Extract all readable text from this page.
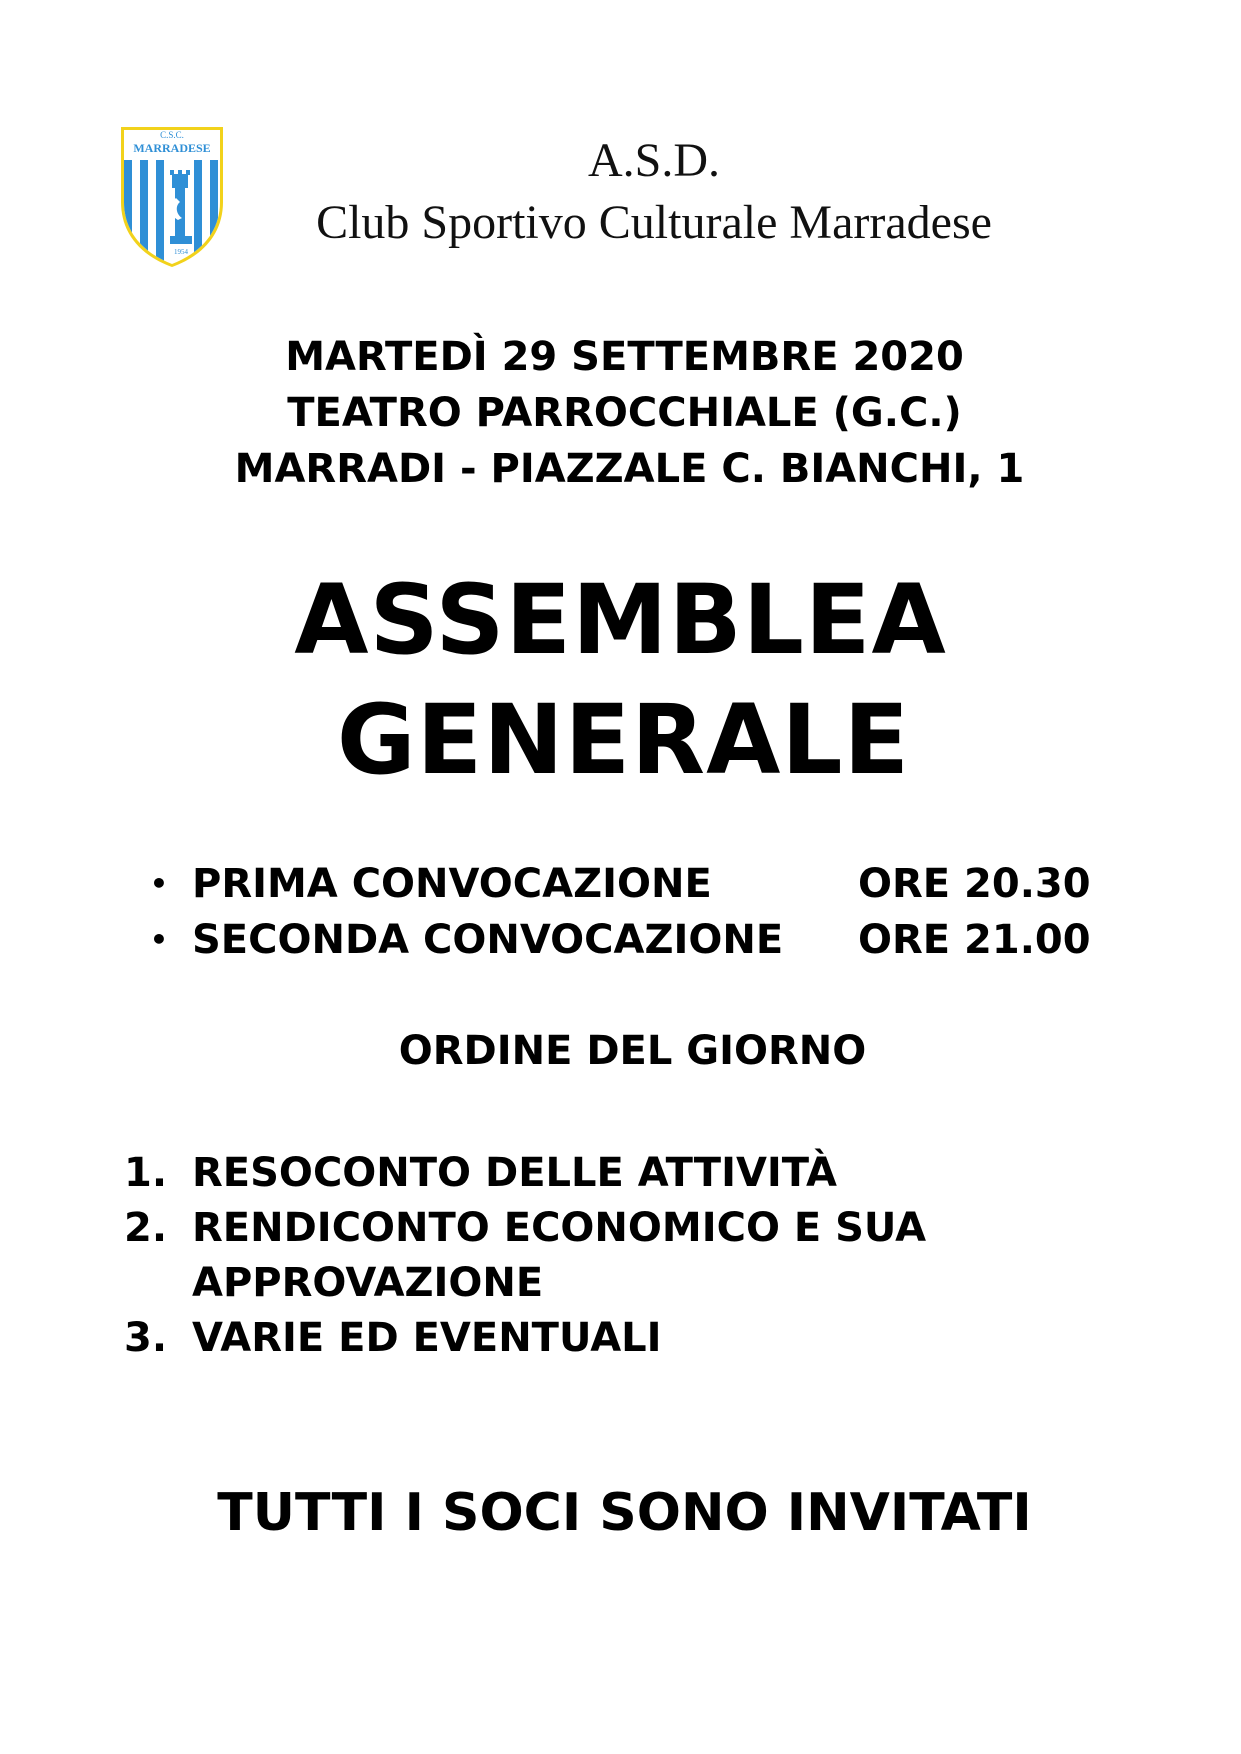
C.S.C.
MARRADESE
1954
A.S.D.
Club Sportivo Culturale Marradese
MARTEDÌ 29 SETTEMBRE 2020
TEATRO PARROCCHIALE (G.C.)
MARRADI - PIAZZALE C. BIANCHI, 1
ASSEMBLEA
GENERALE
• PRIMA CONVOCAZIONE	ORE 20.30
• SECONDA CONVOCAZIONE ORE 21.00
ORDINE DEL GIORNO
1. RESOCONTO DELLE ATTIVITÀ
2. RENDICONTO ECONOMICO E SUA APPROVAZIONE
3. VARIE ED EVENTUALI
TUTTI I SOCI SONO INVITATI
